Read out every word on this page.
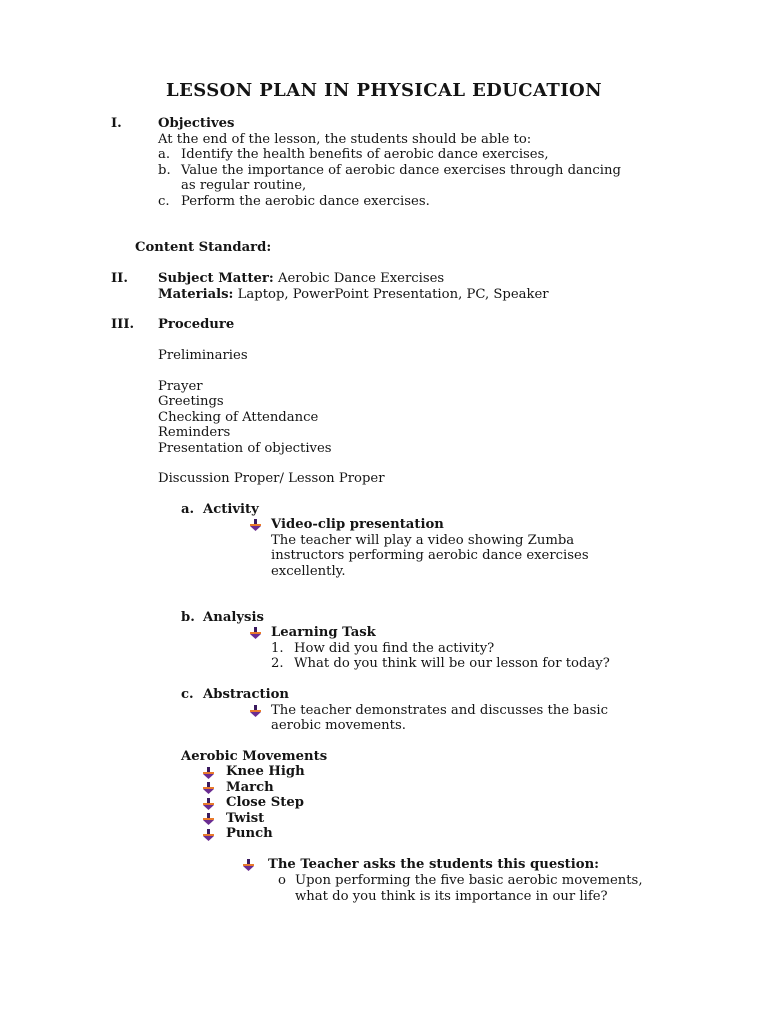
LESSON PLAN IN PHYSICAL EDUCATION
I.	Objectives
At the end of the lesson, the students should be able to:
a. Identify the health benefits of aerobic dance exercises,
b. Value the importance of aerobic dance exercises through dancing
as regular routine,
c. Perform the aerobic dance exercises.
Content Standard:
II. Subject Matter: Aerobic Dance Exercises
Materials: Laptop, PowerPoint Presentation, PC, Speaker
III. Procedure
Preliminaries
Prayer
Greetings
Checking of Attendance
Reminders
Presentation of objectives
Discussion Proper/ Lesson Proper
a. Activity
Video-clip presentation
The teacher will play a video showing Zumba
instructors performing aerobic dance exercises
excellently.
b. Analysis
Learning Task
1. How did you find the activity?
2. What do you think will be our lesson for today?
c. Abstraction
The teacher demonstrates and discusses the basic
aerobic movements.
Aerobic Movements
Knee High
March
Close Step
Twist
Punch
The Teacher asks the students this question:
o Upon performing the five basic aerobic movements,
what do you think is its importance in our life?
